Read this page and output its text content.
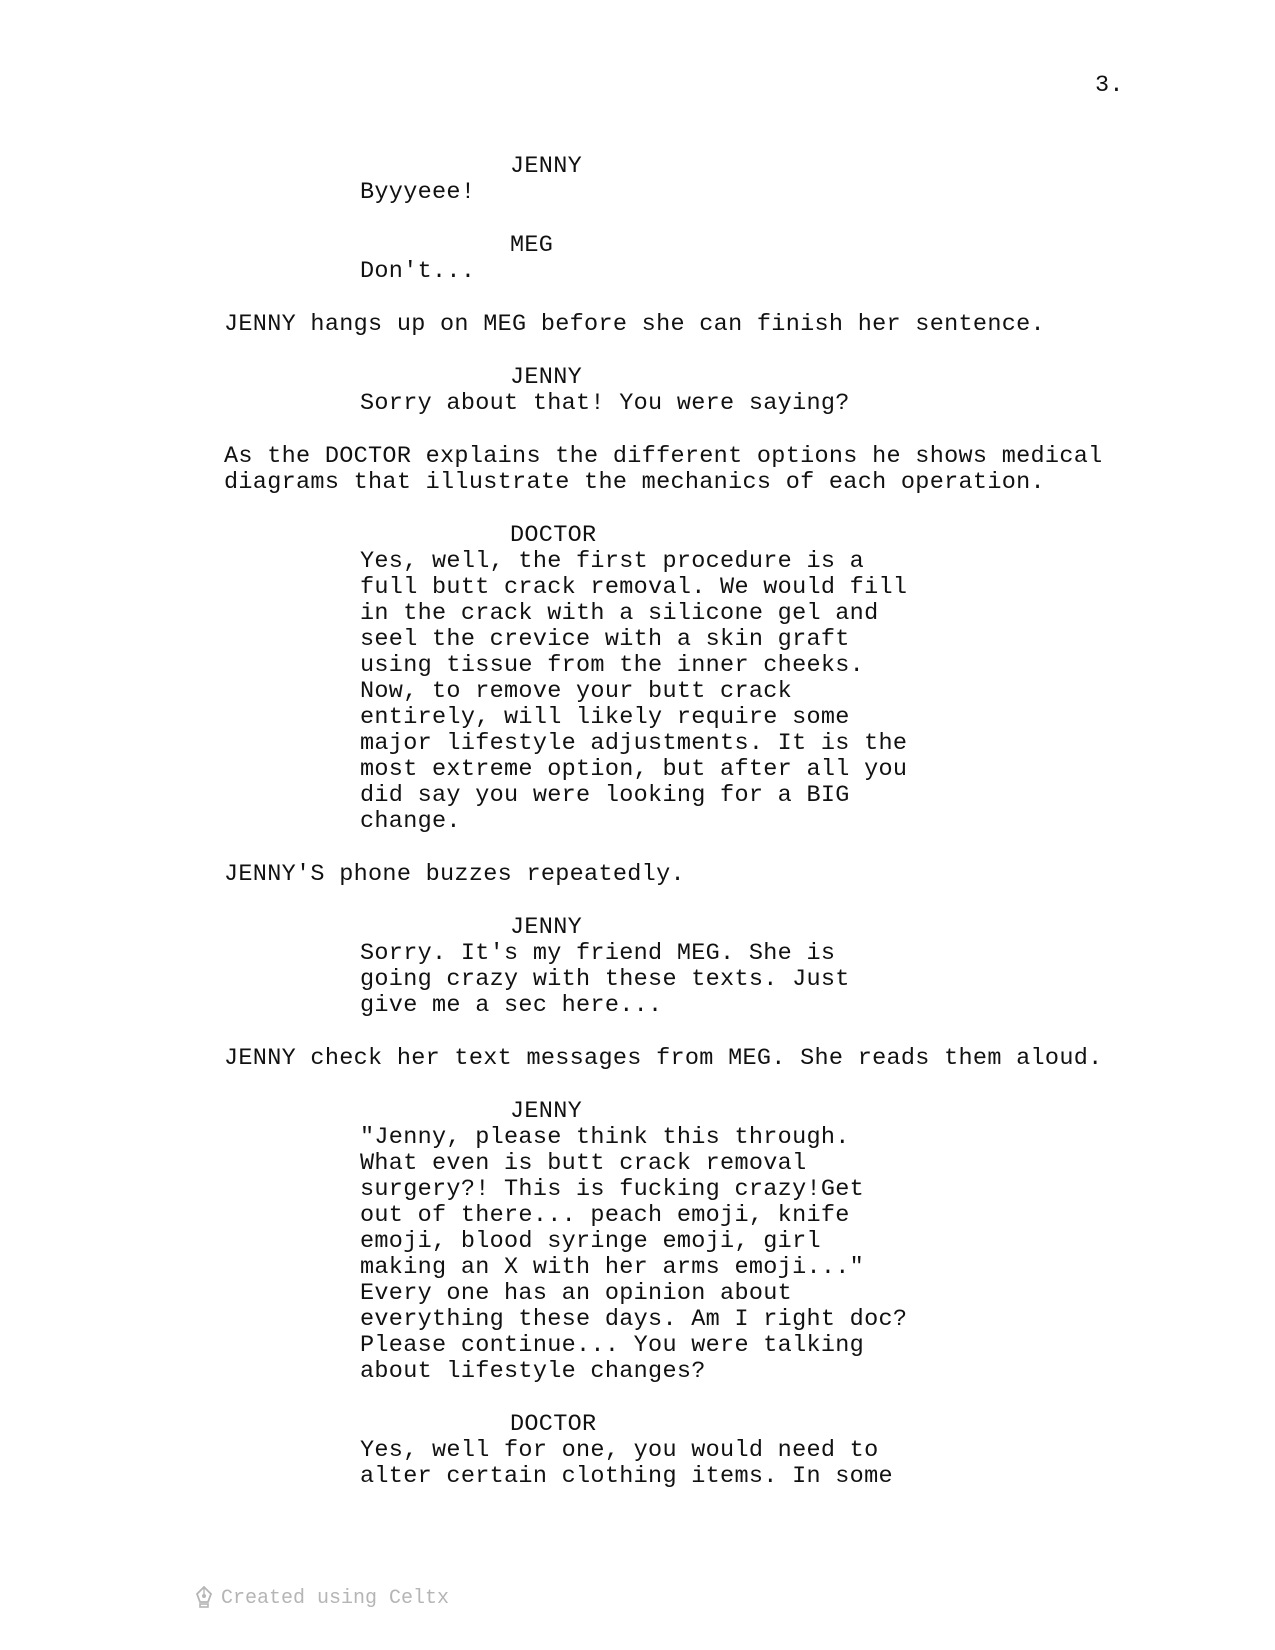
3.

JENNY

Byyyeee!

MEG

Don't...

JENNY hangs up on MEG before she can finish her sentence.

JENNY

Sorry about that! You were saying?

As the DOCTOR explains the different options he shows medical

diagrams that illustrate the mechanics of each operation.

DOCTOR

Yes, well, the first procedure is a

full butt crack removal. We would fill

in the crack with a silicone gel and

seel the crevice with a skin graft

using tissue from the inner cheeks.

Now, to remove your butt crack

entirely, will likely require some

major lifestyle adjustments. It is the

most extreme option, but after all you

did say you were looking for a BIG

change.

JENNY'S phone buzzes repeatedly.

JENNY

Sorry. It's my friend MEG. She is

going crazy with these texts. Just

give me a sec here...

JENNY check her text messages from MEG. She reads them aloud.

JENNY

"Jenny, please think this through.

What even is butt crack removal

surgery?! This is fucking crazy!Get

out of there... peach emoji, knife

emoji, blood syringe emoji, girl

making an X with her arms emoji..."

Every one has an opinion about

everything these days. Am I right doc?

Please continue... You were talking

about lifestyle changes?

DOCTOR

Yes, well for one, you would need to

alter certain clothing items. In some

Created using Celtx
